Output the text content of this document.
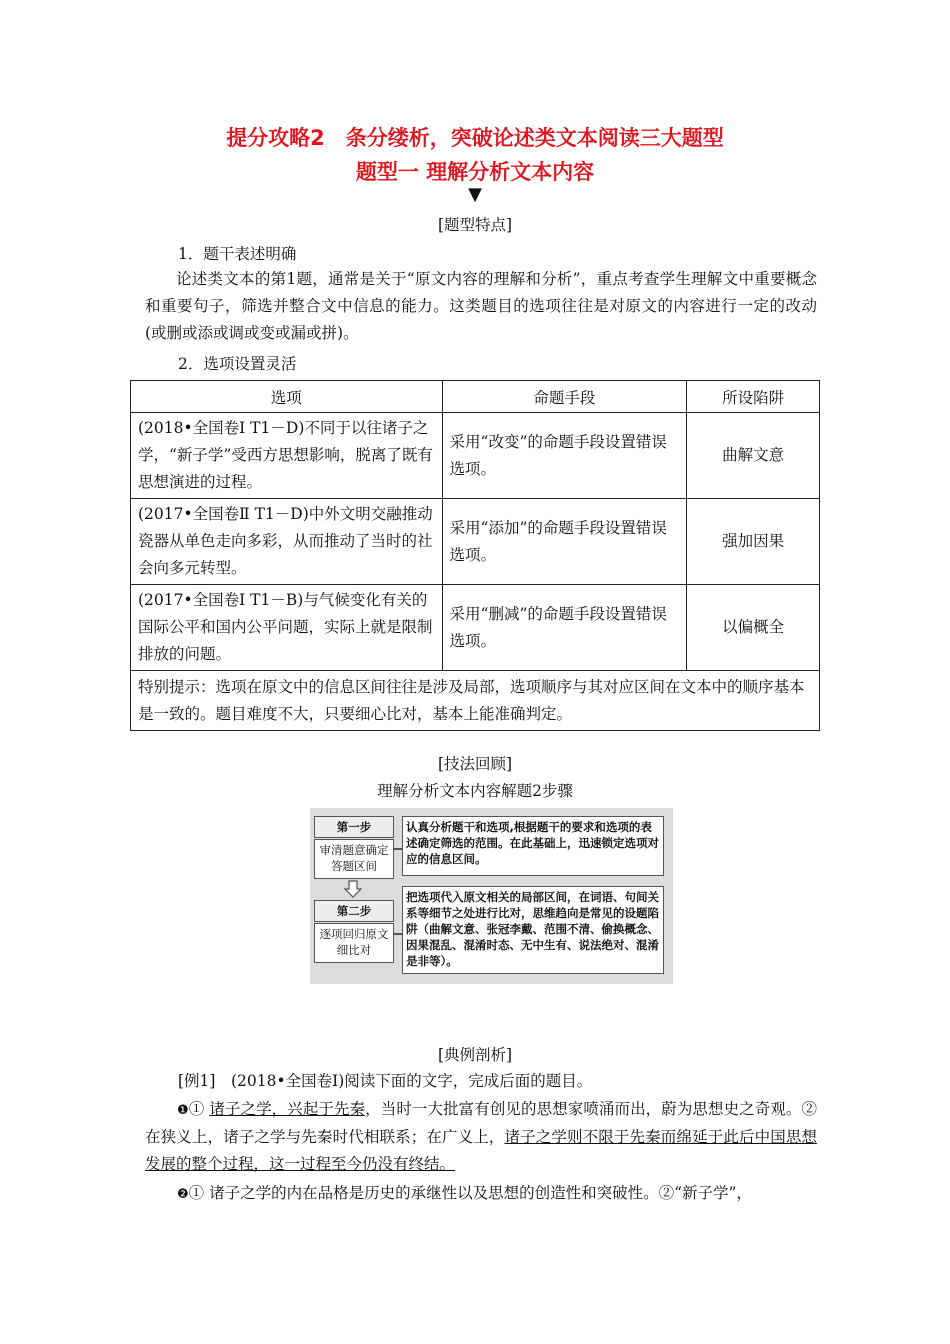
提分攻略2　条分缕析，突破论述类文本阅读三大题型
题型一 理解分析文本内容
▼
[题型特点]
1．题干表述明确
论述类文本的第1题，通常是关于“原文内容的理解和分析”，重点考查学生理解文中重要概念和重要句子，筛选并整合文中信息的能力。这类题目的选项往往是对原文的内容进行一定的改动(或删或添或调或变或漏或拼)。
2．选项设置灵活
选项	命题手段	所设陷阱
(2018•全国卷Ⅰ T1－D)不同于以往诸子之学，“新子学”受西方思想影响，脱离了既有思想演进的过程。	采用“改变”的命题手段设置错误选项。	曲解文意
(2017•全国卷Ⅱ T1－D)中外文明交融推动瓷器从单色走向多彩，从而推动了当时的社会向多元转型。	采用“添加”的命题手段设置错误选项。	强加因果
(2017•全国卷Ⅰ T1－B)与气候变化有关的国际公平和国内公平问题，实际上就是限制排放的问题。	采用“删减”的命题手段设置错误选项。	以偏概全
特别提示：选项在原文中的信息区间往往是涉及局部，选项顺序与其对应区间在文本中的顺序基本是一致的。题目难度不大，只要细心比对，基本上能准确判定。		
[技法回顾]
理解分析文本内容解题2步骤
第一步
审清题意确定答题区间
认真分析题干和选项,根据题干的要求和选项的表述确定筛选的范围。在此基础上，迅速锁定选项对应的信息区间。
第二步
逐项回归原文细比对
把选项代入原文相关的局部区间，在词语、句间关系等细节之处进行比对，思维趋向是常见的设题陷阱（曲解文意、张冠李戴、范围不清、偷换概念、因果混乱、混淆时态、无中生有、说法绝对、混淆是非等）。
[典例剖析]
[例1]　 (2018•全国卷Ⅰ)阅读下面的文字，完成后面的题目。
❶① 诸子之学，兴起于先秦，当时一大批富有创见的思想家喷涌而出，蔚为思想史之奇观。②在狭义上，诸子之学与先秦时代相联系；在广义上，诸子之学则不限于先秦而绵延于此后中国思想发展的整个过程，这一过程至今仍没有终结。
❷① 诸子之学的内在品格是历史的承继性以及思想的创造性和突破性。②“新子学”，
